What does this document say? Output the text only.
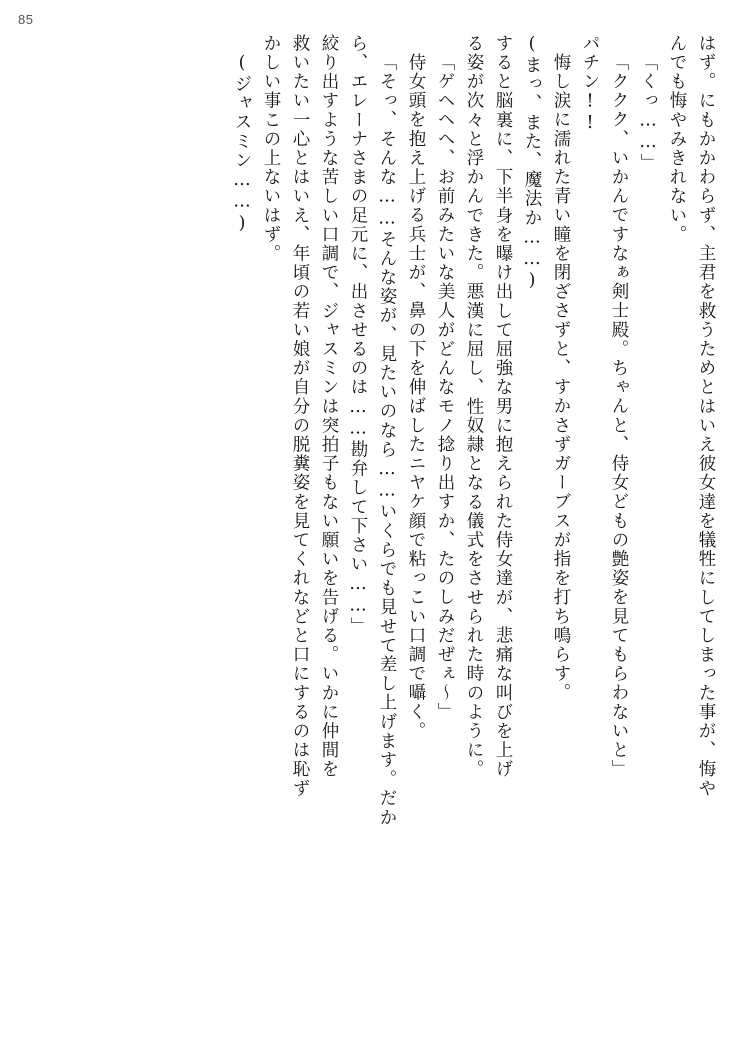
85
はず。にもかかわらず、主君を救うためとはいえ彼女達を犠牲にしてしまった事が、悔や
んでも悔やみきれない。
「くっ……」
「ククク、いかんですなぁ剣士殿。ちゃんと、侍女どもの艶姿を見てもらわないと」
パチン!!
悔し涙に濡れた青い瞳を閉ざさずと、すかさずガーブスが指を打ち鳴らす。
(まっ、また、魔法か……)
すると脳裏に、下半身を曝け出して屈強な男に抱えられた侍女達が、悲痛な叫びを上げ
る姿が次々と浮かんできた。悪漢に屈し、性奴隷となる儀式をさせられた時のように。
「ゲヘヘヘ、お前みたいな美人がどんなモノ捻り出すか、たのしみだぜぇ〜」
侍女頭を抱え上げる兵士が、鼻の下を伸ばしたニヤケ顔で粘っこい口調で囁く。
「そっ、そんな……そんな姿が、見たいのなら……いくらでも見せて差し上げます。だか
ら、エレーナさまの足元に、出させるのは……勘弁して下さい……」
絞り出すような苦しい口調で、ジャスミンは突拍子もない願いを告げる。いかに仲間を
救いたい一心とはいえ、年頃の若い娘が自分の脱糞姿を見てくれなどと口にするのは恥ず
かしい事この上ないはず。
(ジャスミン……)
